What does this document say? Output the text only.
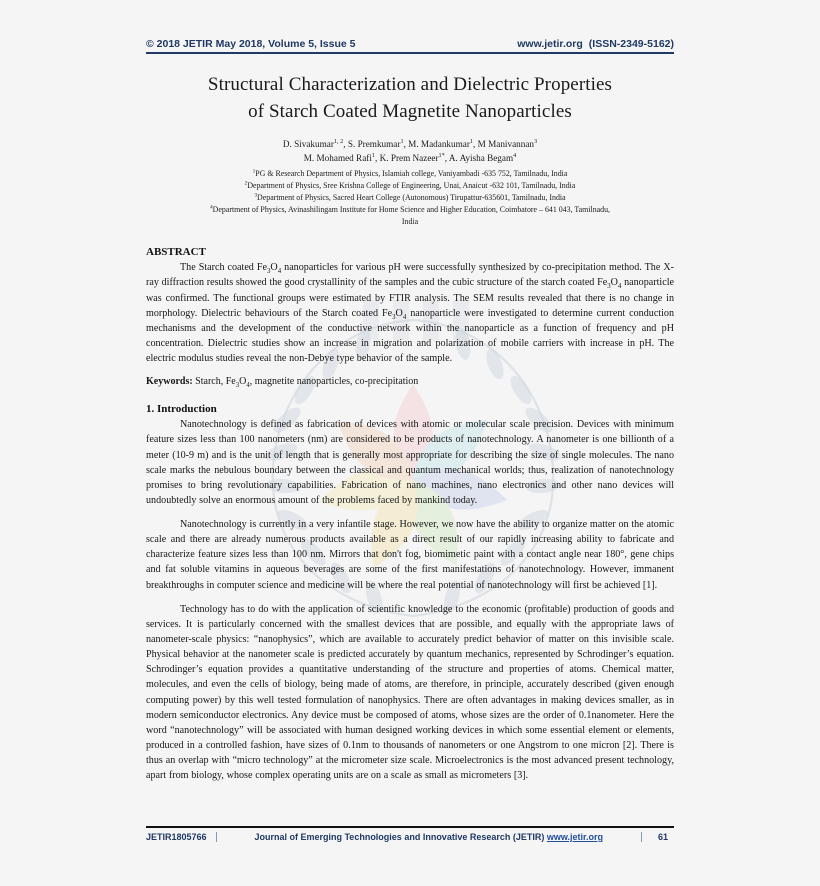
© 2018 JETIR May 2018, Volume 5, Issue 5	www.jetir.org (ISSN-2349-5162)
Structural Characterization and Dielectric Properties
of Starch Coated Magnetite Nanoparticles
D. Sivakumar$^{1, 2}$, S. Premkumar$^1$, M. Madankumar$^1$, M Manivannan$^3$
M. Mohamed Rafi$^1$, K. Prem Nazeer$^{1*}$, A. Ayisha Begam$^4$
$^1$PG & Research Department of Physics, Islamiah college, Vaniyambadi -635 752, Tamilnadu, India
$^2$Department of Physics, Sree Krishna College of Engineering, Unai, Anaicut -632 101, Tamilnadu, India
$^3$Department of Physics, Sacred Heart College (Autonomous) Tirupattur-635601, Tamilnadu, India
$^4$Department of Physics, Avinashilingam Institute for Home Science and Higher Education, Coimbatore – 641 043, Tamilnadu,
India
ABSTRACT

The Starch coated $Fe_3O_4$ nanoparticles for various pH were successfully synthesized by co-precipitation method. The X-ray diffraction results showed the good crystallinity of the samples and the cubic structure of the starch coated $Fe_3O_4$ nanoparticle was confirmed. The functional groups were estimated by FTIR analysis. The SEM results revealed that there is no change in morphology. Dielectric behaviours of the Starch coated $Fe_3O_4$ nanoparticle were investigated to determine current conduction mechanisms and the development of the conductive network within the nanoparticle as a function of frequency and pH concentration. Dielectric studies show an increase in migration and polarization of mobile carriers with increase in pH. The electric modulus studies reveal the non-Debye type behavior of the sample.

Keywords: Starch, $Fe_3O_4$, magnetite nanoparticles, co-precipitation
1. Introduction

Nanotechnology is defined as fabrication of devices with atomic or molecular scale precision. Devices with minimum feature sizes less than 100 nanometers (nm) are considered to be products of nanotechnology. A nanometer is one billionth of a meter (10-9 m) and is the unit of length that is generally most appropriate for describing the size of single molecules. The nano scale marks the nebulous boundary between the classical and quantum mechanical worlds; thus, realization of nanotechnology promises to bring revolutionary capabilities. Fabrication of nano machines, nano electronics and other nano devices will undoubtedly solve an enormous amount of the problems faced by mankind today.

Nanotechnology is currently in a very infantile stage. However, we now have the ability to organize matter on the atomic scale and there are already numerous products available as a direct result of our rapidly increasing ability to fabricate and characterize feature sizes less than 100 nm. Mirrors that don't fog, biomimetic paint with a contact angle near 180°, gene chips and fat soluble vitamins in aqueous beverages are some of the first manifestations of nanotechnology. However, immanent breakthroughs in computer science and medicine will be where the real potential of nanotechnology will first be achieved [1].

Technology has to do with the application of scientific knowledge to the economic (profitable) production of goods and services. It is particularly concerned with the smallest devices that are possible, and equally with the appropriate laws of nanometer-scale physics: “nanophysics”, which are available to accurately predict behavior of matter on this invisible scale. Physical behavior at the nanometer scale is predicted accurately by quantum mechanics, represented by Schrodinger’s equation. Schrodinger’s equation provides a quantitative understanding of the structure and properties of atoms. Chemical matter, molecules, and even the cells of biology, being made of atoms, are therefore, in principle, accurately described (given enough computing power) by this well tested formulation of nanophysics. There are often advantages in making devices smaller, as in modern semiconductor electronics. Any device must be composed of atoms, whose sizes are the order of 0.1nanometer. Here the word “nanotechnology” will be associated with human designed working devices in which some essential element or elements, produced in a controlled fashion, have sizes of 0.1nm to thousands of nanometers or one Angstrom to one micron [2]. There is thus an overlap with “micro technology” at the micrometer size scale. Microelectronics is the most advanced present technology, apart from biology, whose complex operating units are on a scale as small as micrometers [3].

JETIR1805766	Journal of Emerging Technologies and Innovative Research (JETIR) www.jetir.org	61
